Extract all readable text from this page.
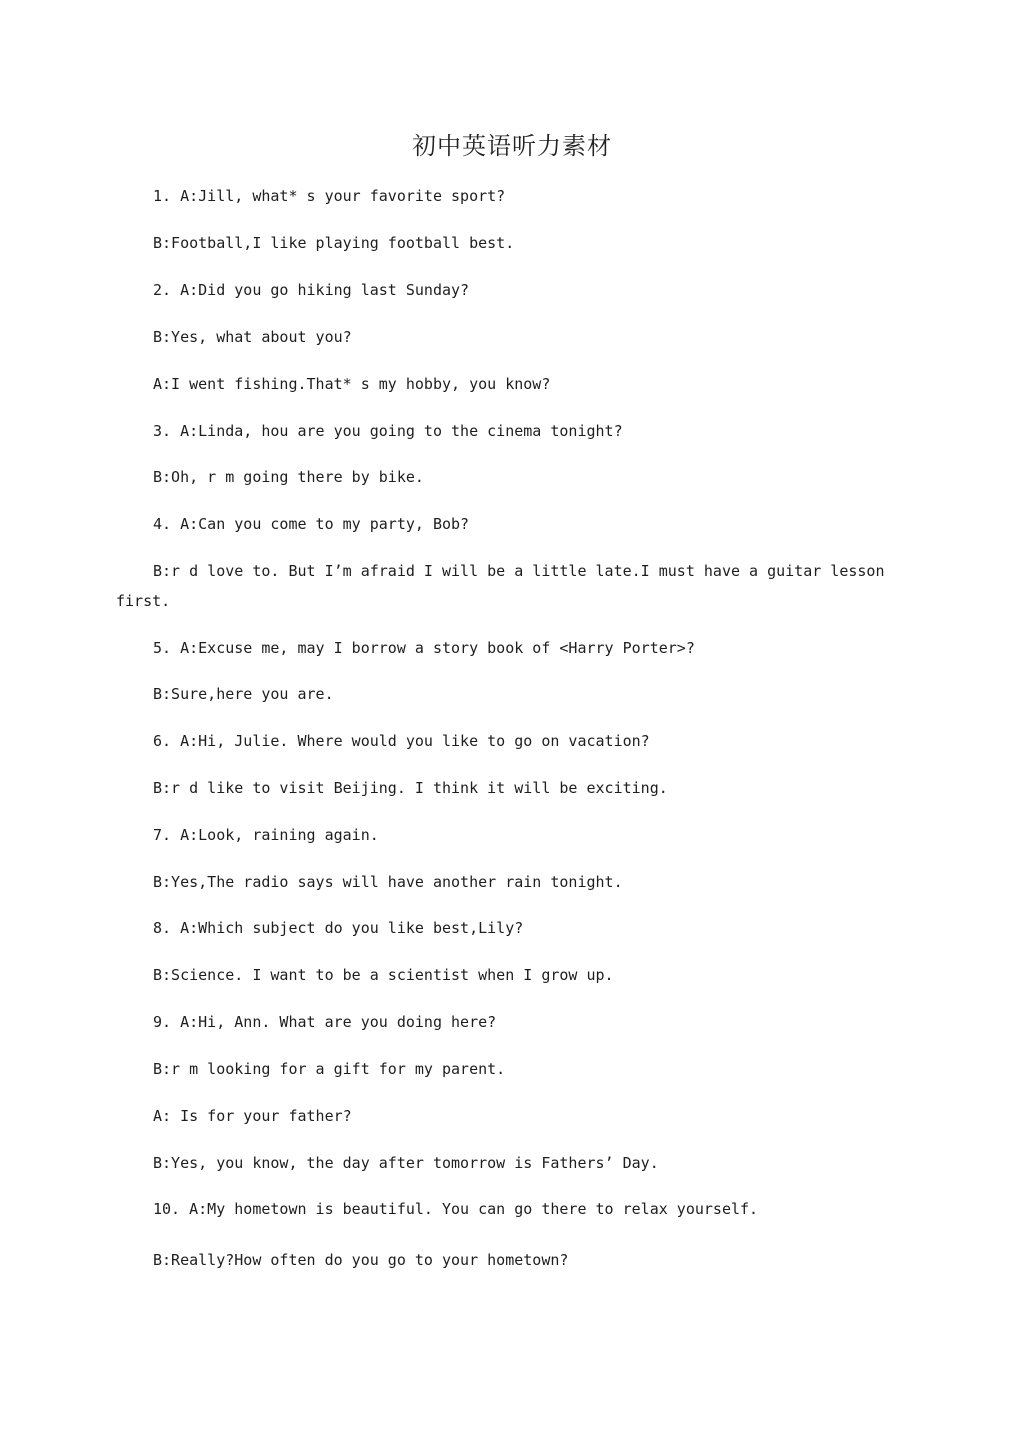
初中英语听力素材
1. A:Jill, what* s your favorite sport?
B:Football,I like playing football best.
2. A:Did you go hiking last Sunday?
B:Yes, what about you?
A:I went fishing.That* s my hobby, you know?
3. A:Linda, hou are you going to the cinema tonight?
B:Oh, r m going there by bike.
4. A:Can you come to my party, Bob?
B:r d love to. But I’m afraid I will be a little late.I must have a guitar lesson
first.
5. A:Excuse me, may I borrow a story book of <Harry Porter>?
B:Sure,here you are.
6. A:Hi, Julie. Where would you like to go on vacation?
B:r d like to visit Beijing. I think it will be exciting.
7. A:Look, raining again.
B:Yes,The radio says will have another rain tonight.
8. A:Which subject do you like best,Lily?
B:Science. I want to be a scientist when I grow up.
9. A:Hi, Ann. What are you doing here?
B:r m looking for a gift for my parent.
A: Is for your father?
B:Yes, you know, the day after tomorrow is Fathers’ Day.
10. A:My hometown is beautiful. You can go there to relax yourself.
B:Really?How often do you go to your hometown?
